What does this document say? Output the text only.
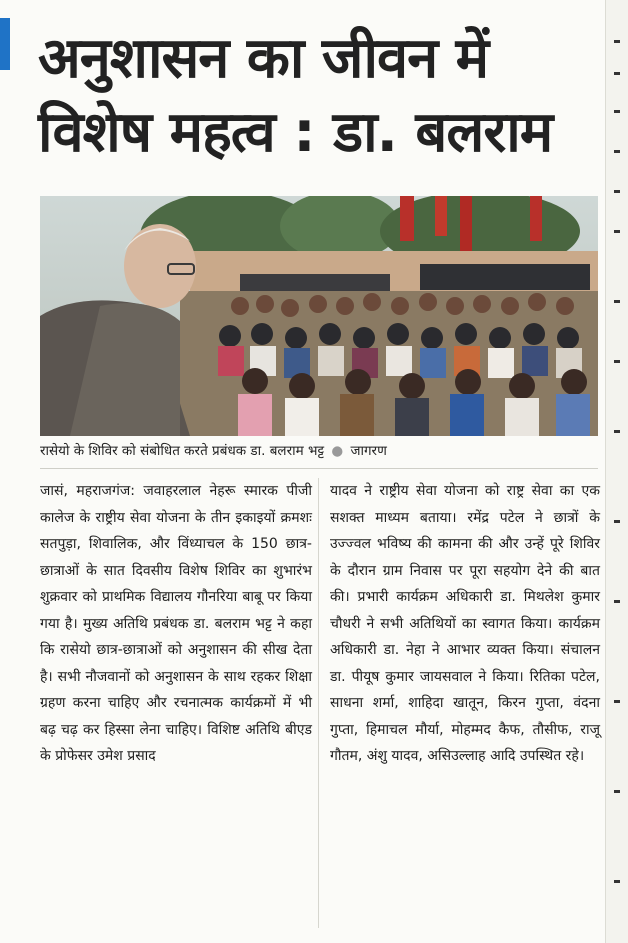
अनुशासन का जीवन में
विशेष महत्व : डा. बलराम
रासेयो के शिविर को संबोधित करते प्रबंधक डा. बलराम भट्ट ● जागरण

जासं, महराजगंज: जवाहरलाल नेहरू स्मारक पीजी कालेज के राष्ट्रीय सेवा योजना के तीन इकाइयों क्रमशः सतपुड़ा, शिवालिक, और विंध्याचल के 150 छात्र-छात्राओं के सात दिवसीय विशेष शिविर का शुभारंभ शुक्रवार को प्राथमिक विद्यालय गौनरिया बाबू पर किया गया है। मुख्य अतिथि प्रबंधक डा. बलराम भट्ट ने कहा कि रासेयो छात्र-छात्राओं को अनुशासन की सीख देता है। सभी नौजवानों को अनुशासन के साथ रहकर शिक्षा ग्रहण करना चाहिए और रचनात्मक कार्यक्रमों में भी बढ़ चढ़ कर हिस्सा लेना चाहिए। विशिष्ट अतिथि बीएड के प्रोफेसर उमेश प्रसाद

यादव ने राष्ट्रीय सेवा योजना को राष्ट्र सेवा का एक सशक्त माध्यम बताया। रमेंद्र पटेल ने छात्रों के उज्ज्वल भविष्य की कामना की और उन्हें पूरे शिविर के दौरान ग्राम निवास पर पूरा सहयोग देने की बात की। प्रभारी कार्यक्रम अधिकारी डा. मिथलेश कुमार चौधरी ने सभी अतिथियों का स्वागत किया। कार्यक्रम अधिकारी डा. नेहा ने आभार व्यक्त किया। संचालन डा. पीयूष कुमार जायसवाल ने किया। रितिका पटेल, साधना शर्मा, शाहिदा खातून, किरन गुप्ता, वंदना गुप्ता, हिमाचल मौर्या, मोहम्मद कैफ, तौसीफ, राजू गौतम, अंशु यादव, असिउल्लाह आदि उपस्थित रहे।
